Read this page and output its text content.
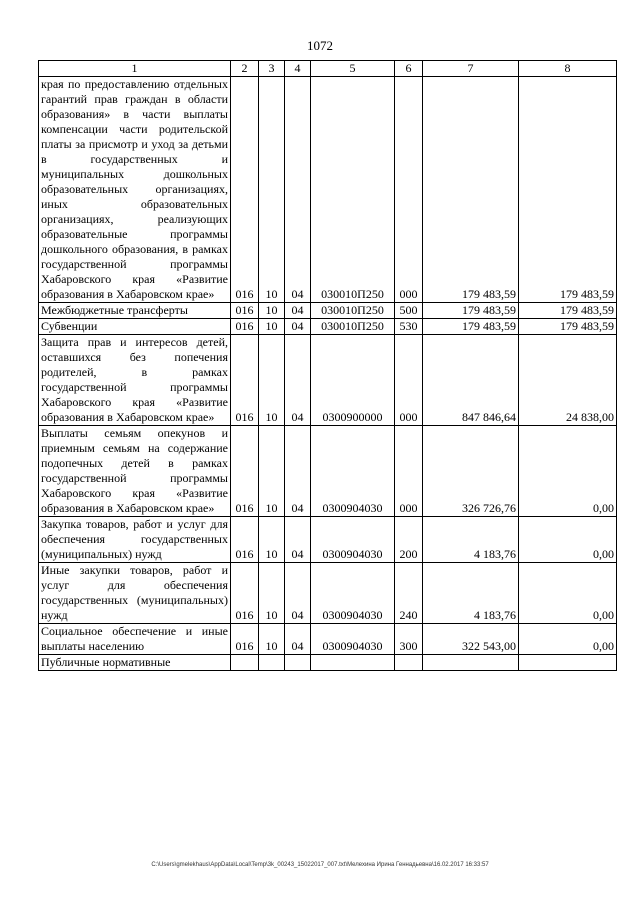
1072
1	2	3	4	5	6	7	8
края по предоставлению отдельных гарантий прав граждан в области образования» в части выплаты компенсации части родительской платы за присмотр и уход за детьми в государственных и муниципальных дошкольных образовательных организациях, иных образовательных организациях, реализующих образовательные программы дошкольного образования, в рамках государственной программы Хабаровского края «Развитие образования в Хабаровском крае»	016	10	04	030010П250	000	179 483,59	179 483,59
Межбюджетные трансферты	016	10	04	030010П250	500	179 483,59	179 483,59
Субвенции	016	10	04	030010П250	530	179 483,59	179 483,59
Защита прав и интересов детей, оставшихся без попечения родителей, в рамках государственной программы Хабаровского края «Развитие образования в Хабаровском крае»	016	10	04	0300900000	000	847 846,64	24 838,00
Выплаты семьям опекунов и приемным семьям на содержание подопечных детей в рамках государственной программы Хабаровского края «Развитие образования в Хабаровском крае»	016	10	04	0300904030	000	326 726,76	0,00
Закупка товаров, работ и услуг для обеспечения государственных (муниципальных) нужд	016	10	04	0300904030	200	4 183,76	0,00
Иные закупки товаров, работ и услуг для обеспечения государственных (муниципальных) нужд	016	10	04	0300904030	240	4 183,76	0,00
Социальное обеспечение и иные выплаты населению	016	10	04	0300904030	300	322 543,00	0,00
Публичные нормативные							
C:\Users\gmelekhaus\AppData\Local\Temp\3k_00243_15022017_007.txt\Мелехина Ирина Геннадьевна\16.02.2017 16:33:57
